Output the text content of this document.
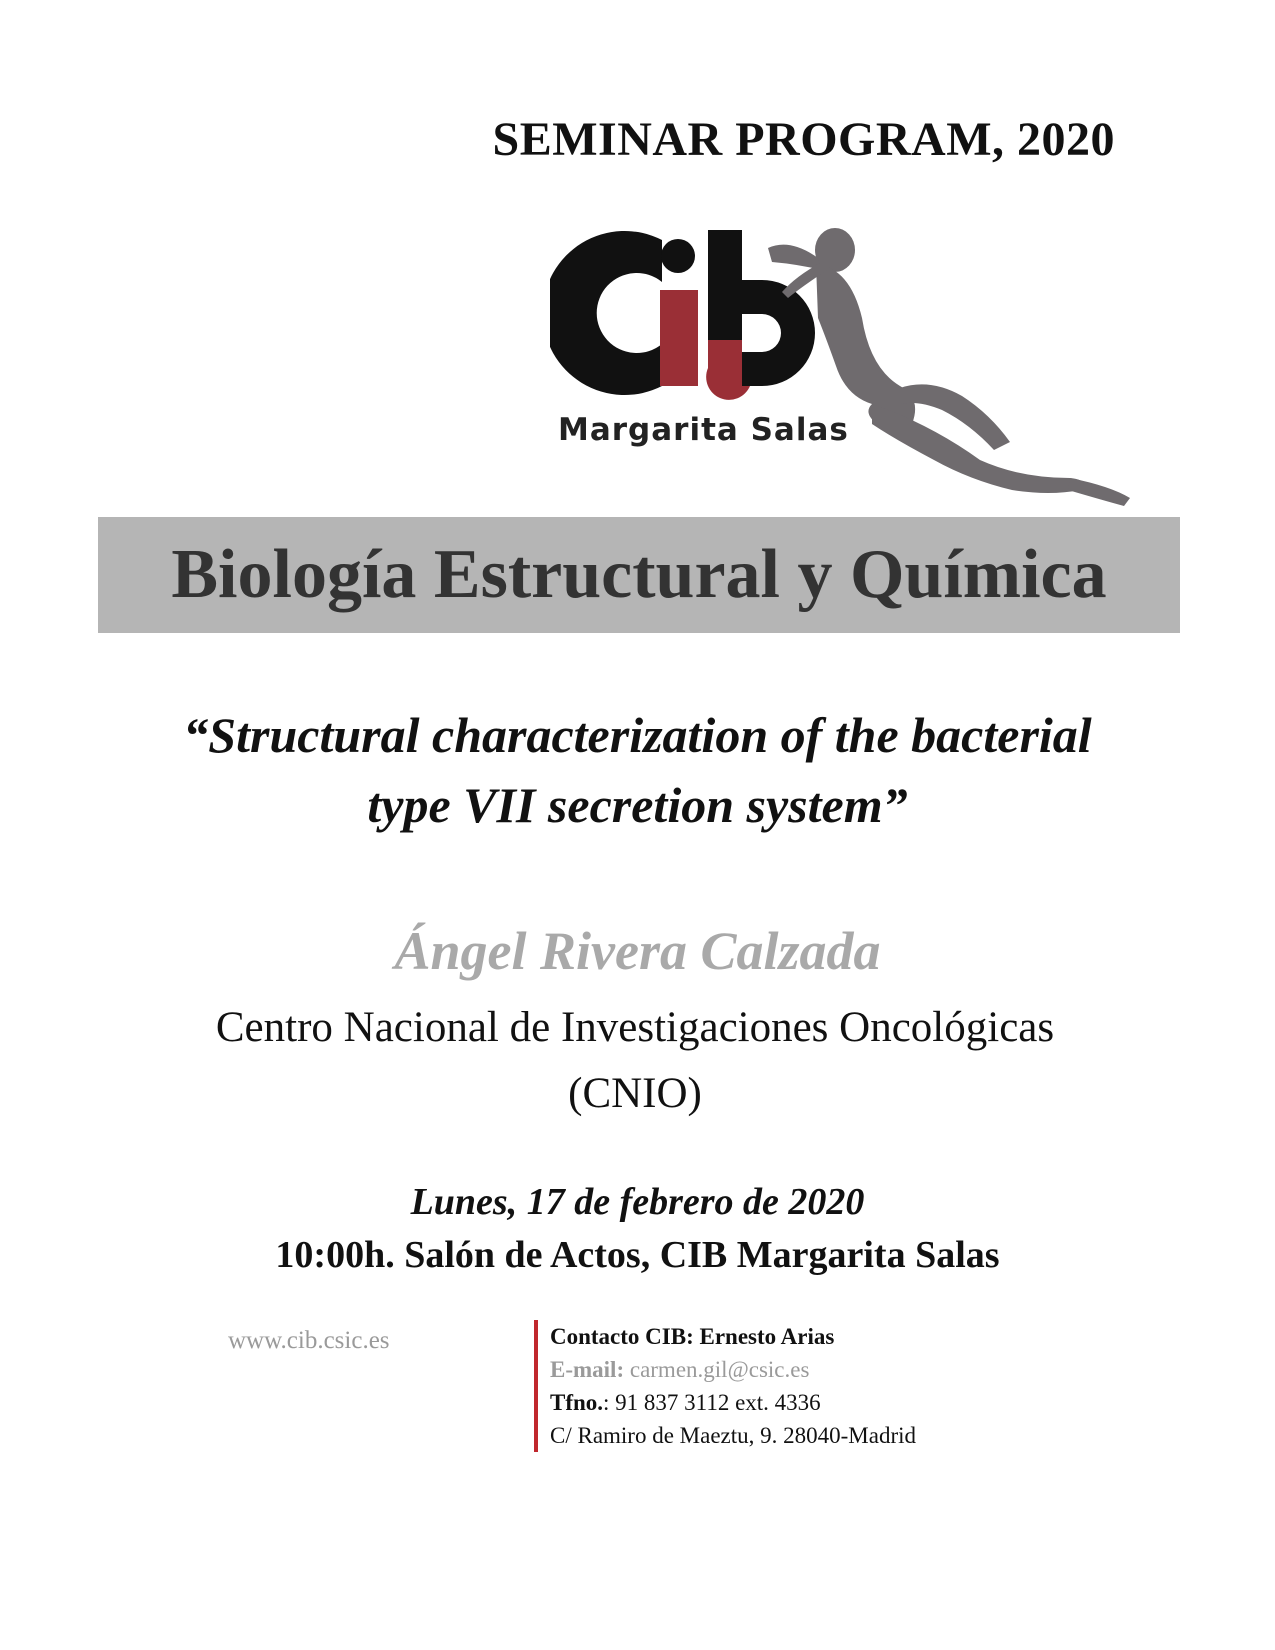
SEMINAR PROGRAM, 2020
Margarita Salas
Biología Estructural y Química
“Structural characterization of the bacterial
type VII secretion system”
Ángel Rivera Calzada
Centro Nacional de Investigaciones Oncológicas
(CNIO)
Lunes, 17 de febrero de 2020
10:00h. Salón de Actos, CIB Margarita Salas
www.cib.csic.es	Contacto CIB: Ernesto Arias
E-mail: carmen.gil@csic.es
Tfno.: 91 837 3112 ext. 4336
C/ Ramiro de Maeztu, 9. 28040-Madrid
